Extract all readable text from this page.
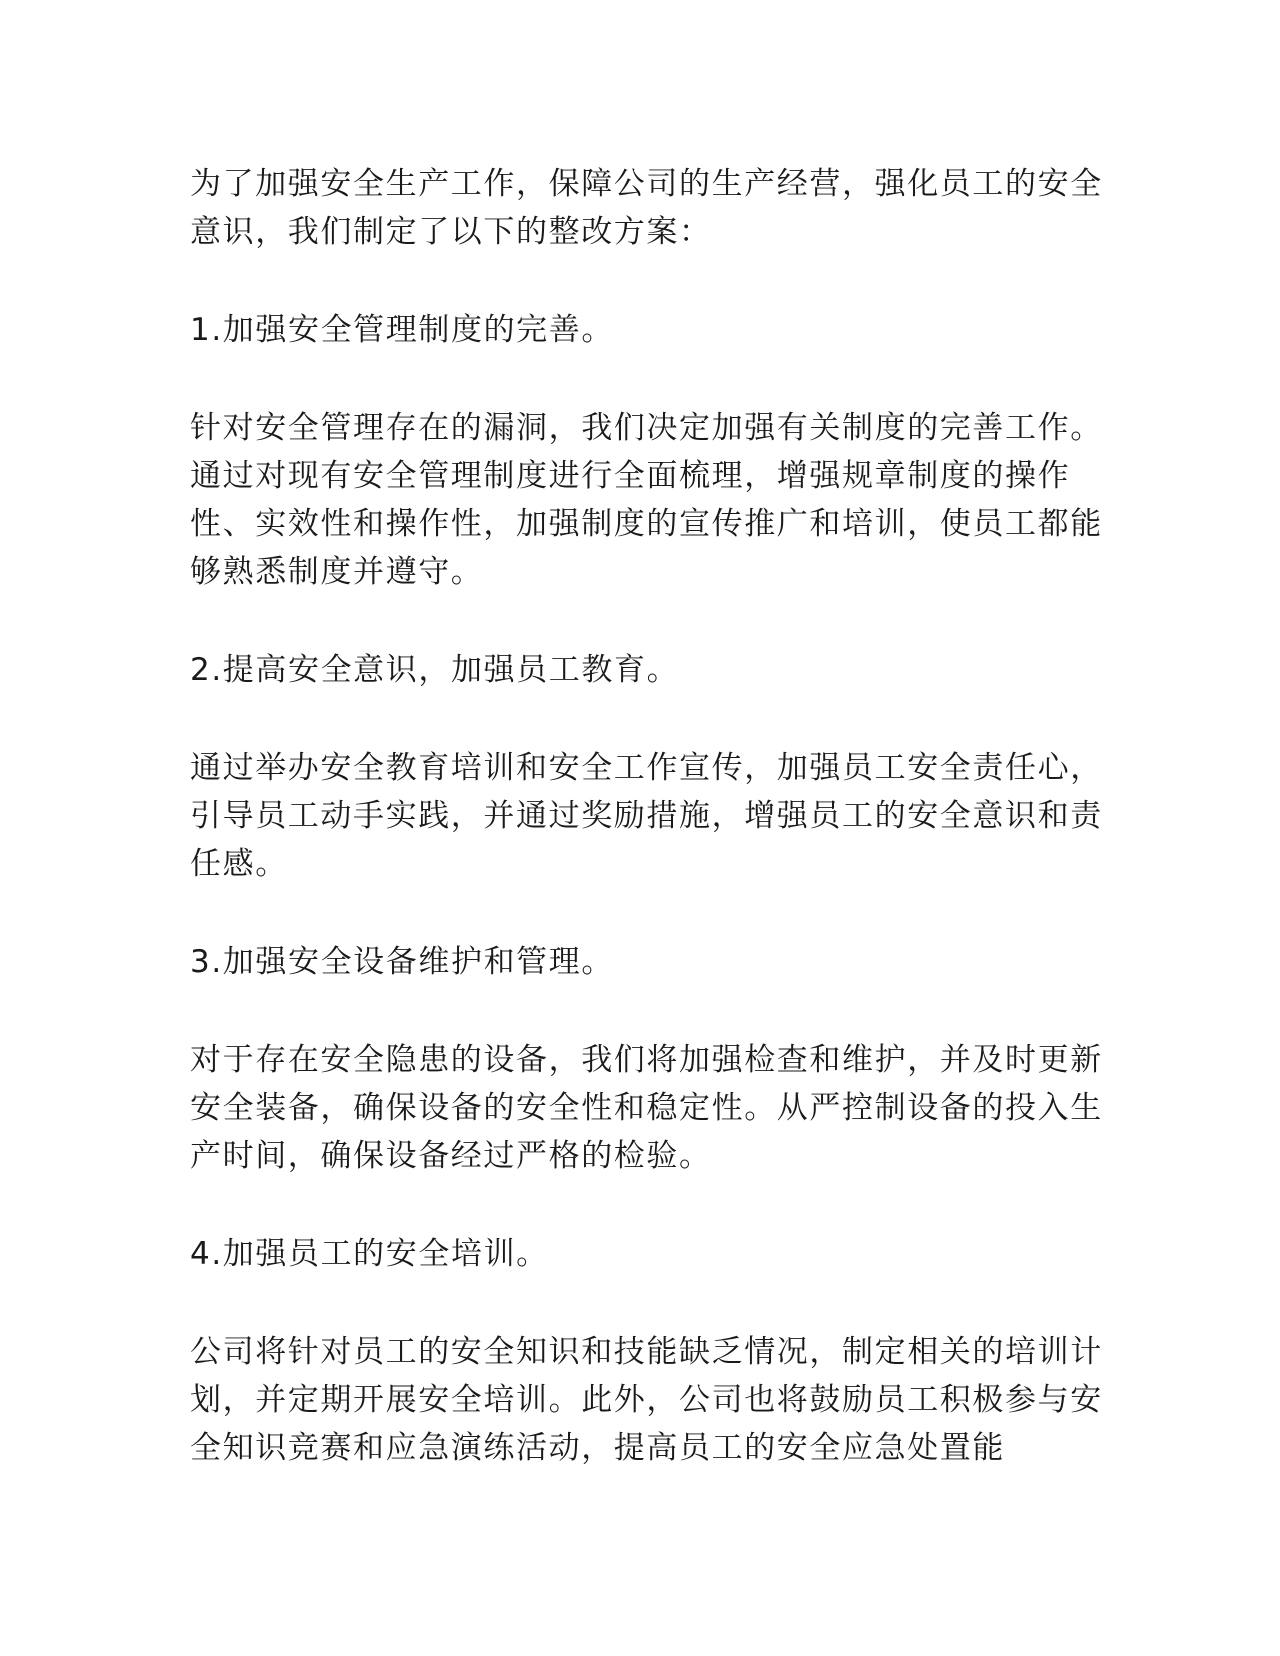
为了加强安全生产工作，保障公司的生产经营，强化员工的安全意识，我们制定了以下的整改方案：

1.加强安全管理制度的完善。

针对安全管理存在的漏洞，我们决定加强有关制度的完善工作。通过对现有安全管理制度进行全面梳理，增强规章制度的操作性、实效性和操作性，加强制度的宣传推广和培训，使员工都能够熟悉制度并遵守。

2.提高安全意识，加强员工教育。

通过举办安全教育培训和安全工作宣传，加强员工安全责任心，引导员工动手实践，并通过奖励措施，增强员工的安全意识和责任感。

3.加强安全设备维护和管理。

对于存在安全隐患的设备，我们将加强检查和维护，并及时更新安全装备，确保设备的安全性和稳定性。从严控制设备的投入生产时间，确保设备经过严格的检验。

4.加强员工的安全培训。

公司将针对员工的安全知识和技能缺乏情况，制定相关的培训计划，并定期开展安全培训。此外，公司也将鼓励员工积极参与安全知识竞赛和应急演练活动，提高员工的安全应急处置能
